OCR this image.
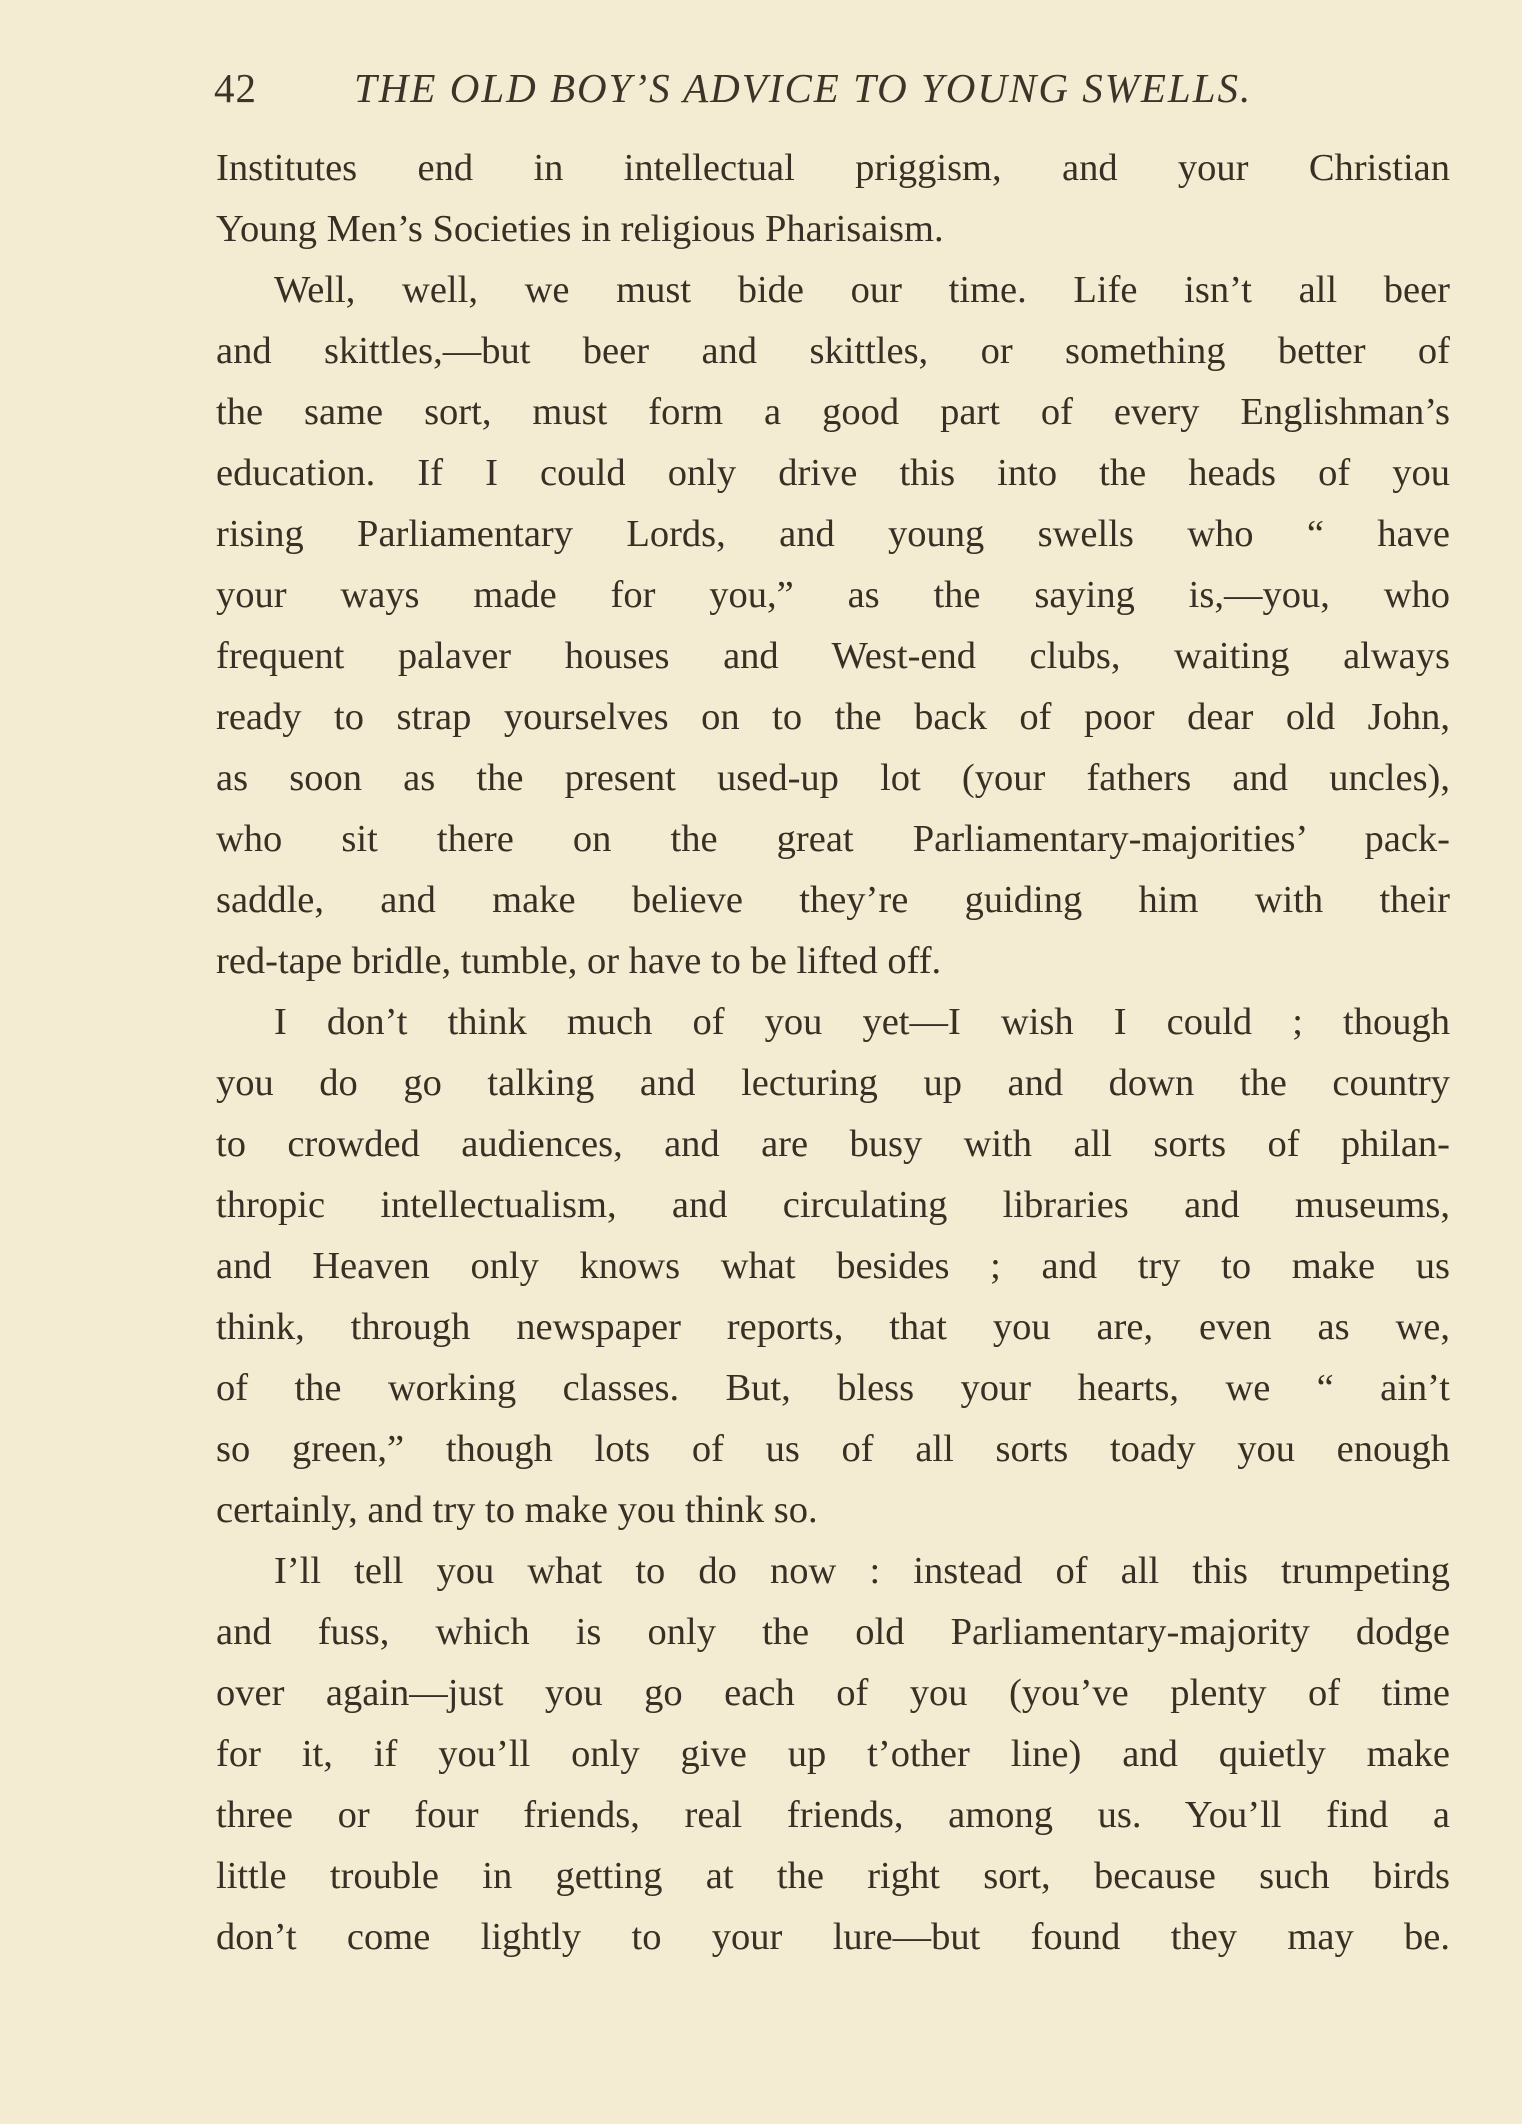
42 THE OLD BOY’S ADVICE TO YOUNG SWELLS.
Institutes end in intellectual priggism, and your Christian
Young Men’s Societies in religious Pharisaism.
Well, well, we must bide our time. Life isn’t all beer
and skittles,—but beer and skittles, or something better of
the same sort, must form a good part of every Englishman’s
education. If I could only drive this into the heads of you
rising Parliamentary Lords, and young swells who “ have
your ways made for you,” as the saying is,—you, who
frequent palaver houses and West-end clubs, waiting always
ready to strap yourselves on to the back of poor dear old John,
as soon as the present used-up lot (your fathers and uncles),
who sit there on the great Parliamentary-majorities’ pack-
saddle, and make believe they’re guiding him with their
red-tape bridle, tumble, or have to be lifted off.
I don’t think much of you yet—I wish I could ; though
you do go talking and lecturing up and down the country
to crowded audiences, and are busy with all sorts of philan-
thropic intellectualism, and circulating libraries and museums,
and Heaven only knows what besides ; and try to make us
think, through newspaper reports, that you are, even as we,
of the working classes. But, bless your hearts, we “ ain’t
so green,” though lots of us of all sorts toady you enough
certainly, and try to make you think so.
I’ll tell you what to do now : instead of all this trumpeting
and fuss, which is only the old Parliamentary-majority dodge
over again—just you go each of you (you’ve plenty of time
for it, if you’ll only give up t’other line) and quietly make
three or four friends, real friends, among us. You’ll find a
little trouble in getting at the right sort, because such birds
don’t come lightly to your lure—but found they may be.
